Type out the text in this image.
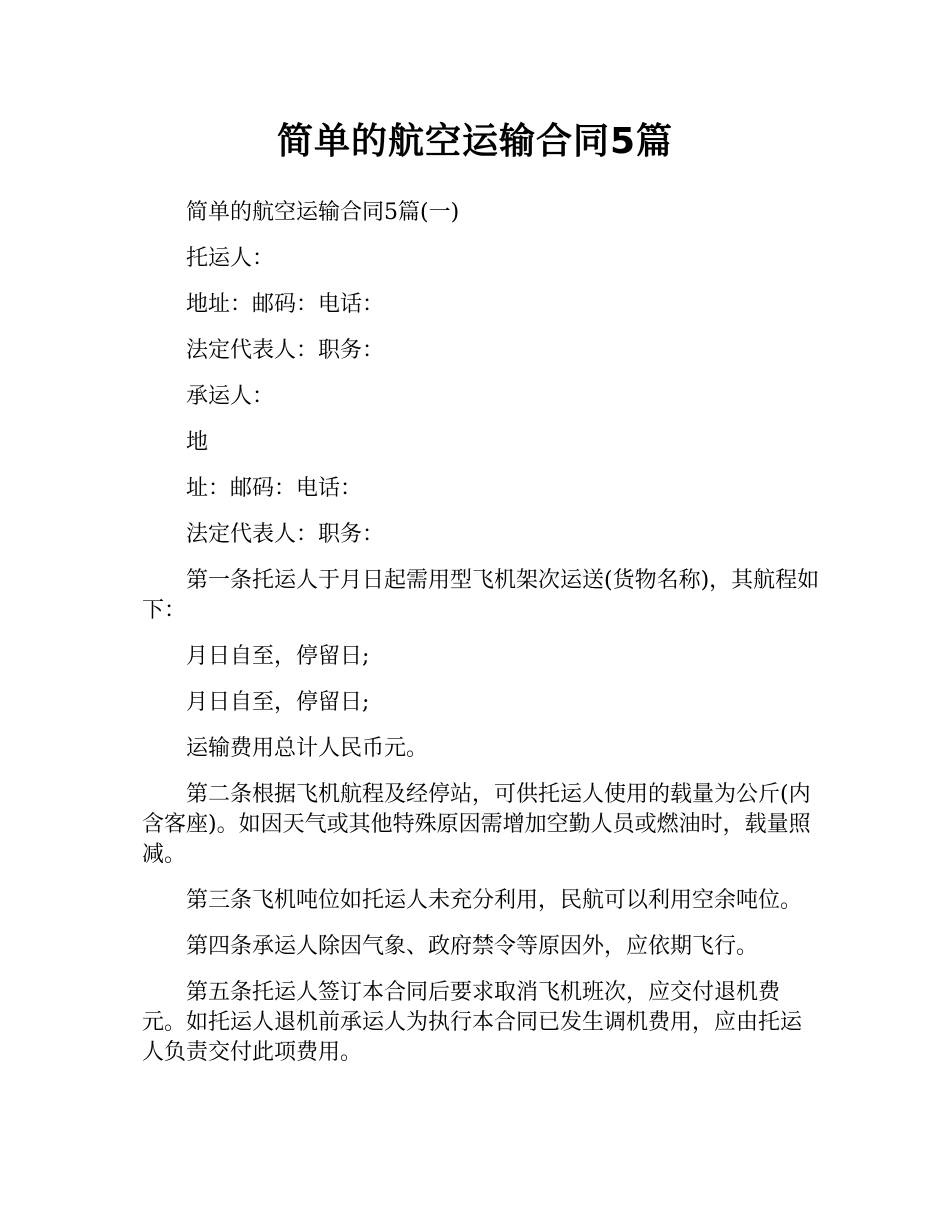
简单的航空运输合同5篇

简单的航空运输合同5篇(一)

托运人：

地址：邮码：电话：

法定代表人：职务：

承运人：

地

址：邮码：电话：

法定代表人：职务：

第一条托运人于月日起需用型飞机架次运送(货物名称)，其航程如下：

月日自至，停留日;

月日自至，停留日;

运输费用总计人民币元。

第二条根据飞机航程及经停站，可供托运人使用的载量为公斤(内含客座)。如因天气或其他特殊原因需增加空勤人员或燃油时，载量照减。

第三条飞机吨位如托运人未充分利用，民航可以利用空余吨位。

第四条承运人除因气象、政府禁令等原因外，应依期飞行。

第五条托运人签订本合同后要求取消飞机班次，应交付退机费元。如托运人退机前承运人为执行本合同已发生调机费用，应由托运人负责交付此项费用。
